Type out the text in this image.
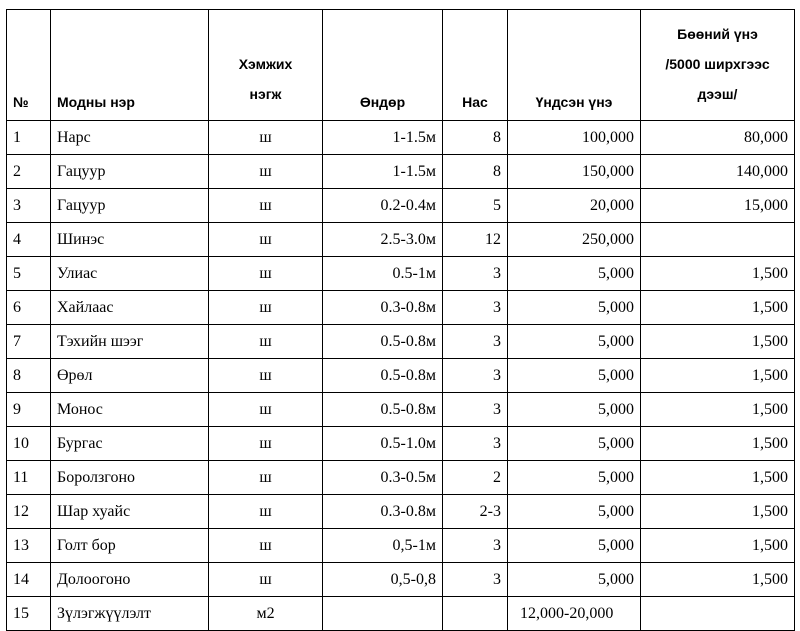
№	Модны нэр	Хэмжих нэгж	Өндөр	Нас	Үндсэн үнэ	Бөөний үнэ
/5000 ширхгээс
дээш/

1	Нарс	ш	1-1.5м	8	100,000	80,000
2	Гацуур	ш	1-1.5м	8	150,000	140,000
3	Гацуур	ш	0.2-0.4м	5	20,000	15,000
4	Шинэс	ш	2.5-3.0м	12	250,000	
5	Улиас	ш	0.5-1м	3	5,000	1,500
6	Хайлаас	ш	0.3-0.8м	3	5,000	1,500
7	Тэхийн шээг	ш	0.5-0.8м	3	5,000	1,500
8	Өрөл	ш	0.5-0.8м	3	5,000	1,500
9	Монос	ш	0.5-0.8м	3	5,000	1,500
10	Бургас	ш	0.5-1.0м	3	5,000	1,500
11	Боролзгоно	ш	0.3-0.5м	2	5,000	1,500
12	Шар хуайс	ш	0.3-0.8м	2-3	5,000	1,500
13	Голт бор	ш	0,5-1м	3	5,000	1,500
14	Долоогоно	ш	0,5-0,8	3	5,000	1,500
15	Зүлэгжүүлэлт	м2			12,000-20,000	
